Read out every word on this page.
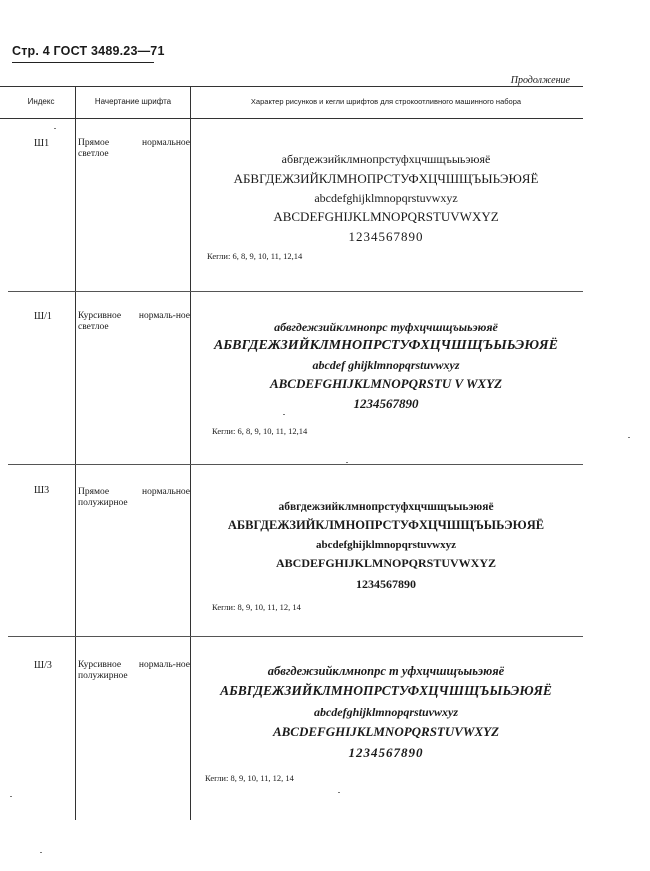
Стр. 4 ГОСТ 3489.23—71
Продолжение
Индекс	Начертание шрифта	Характер рисунков и кегли шрифтов для строкоотливного машинного набора
Ш1	Прямое нормальное светлое	абвгдежзийклмнопрстуфхцчшщъыьэюяё
АБВГДЕЖЗИЙКЛМНОПРСТУФХЦЧШЩЪЫЬЭЮЯЁ
abcdefghijklmnopqrstuvwxyz
ABCDEFGHIJKLMNOPQRSTUVWXYZ
1234567890
Кегли: 6, 8, 9, 10, 11, 12,14
Ш/1	Курсивное нормаль-ное светлое	абвгдежзийклмнопрс туфхцчшщъыьэюяё
АБВГДЕЖЗИЙКЛМНОПРСТУФХЦЧШЩЪЫЬЭЮЯЁ
abcdef ghijklmnopqrstuvwxyz
ABCDEFGHIJKLMNOPQRSTU V WXYZ
1234567890
Кегли: 6, 8, 9, 10, 11, 12,14
Ш3	Прямое нормальное полужирное	абвгдежзийклмнопрстуфхцчшщъыьэюяё
АБВГДЕЖЗИЙКЛМНОПРСТУФХЦЧШЩЪЫЬЭЮЯЁ
abcdefghijklmnopqrstuvwxyz
ABCDEFGHIJKLMNOPQRSTUVWXYZ
1234567890
Кегли: 8, 9, 10, 11, 12, 14
Ш/3	Курсивное нормаль-ное полужирное	абвгдежзийклмнопрс т уфхцчшщъыьэюяё
АБВГДЕЖЗИЙКЛМНОПРСТУФХЦЧШЩЪЫЬЭЮЯЁ
abcdefghijklmnopqrstuvwxyz
ABCDEFGHIJKLMNOPQRSTUVWXYZ
1234567890
Кегли: 8, 9, 10, 11, 12, 14
